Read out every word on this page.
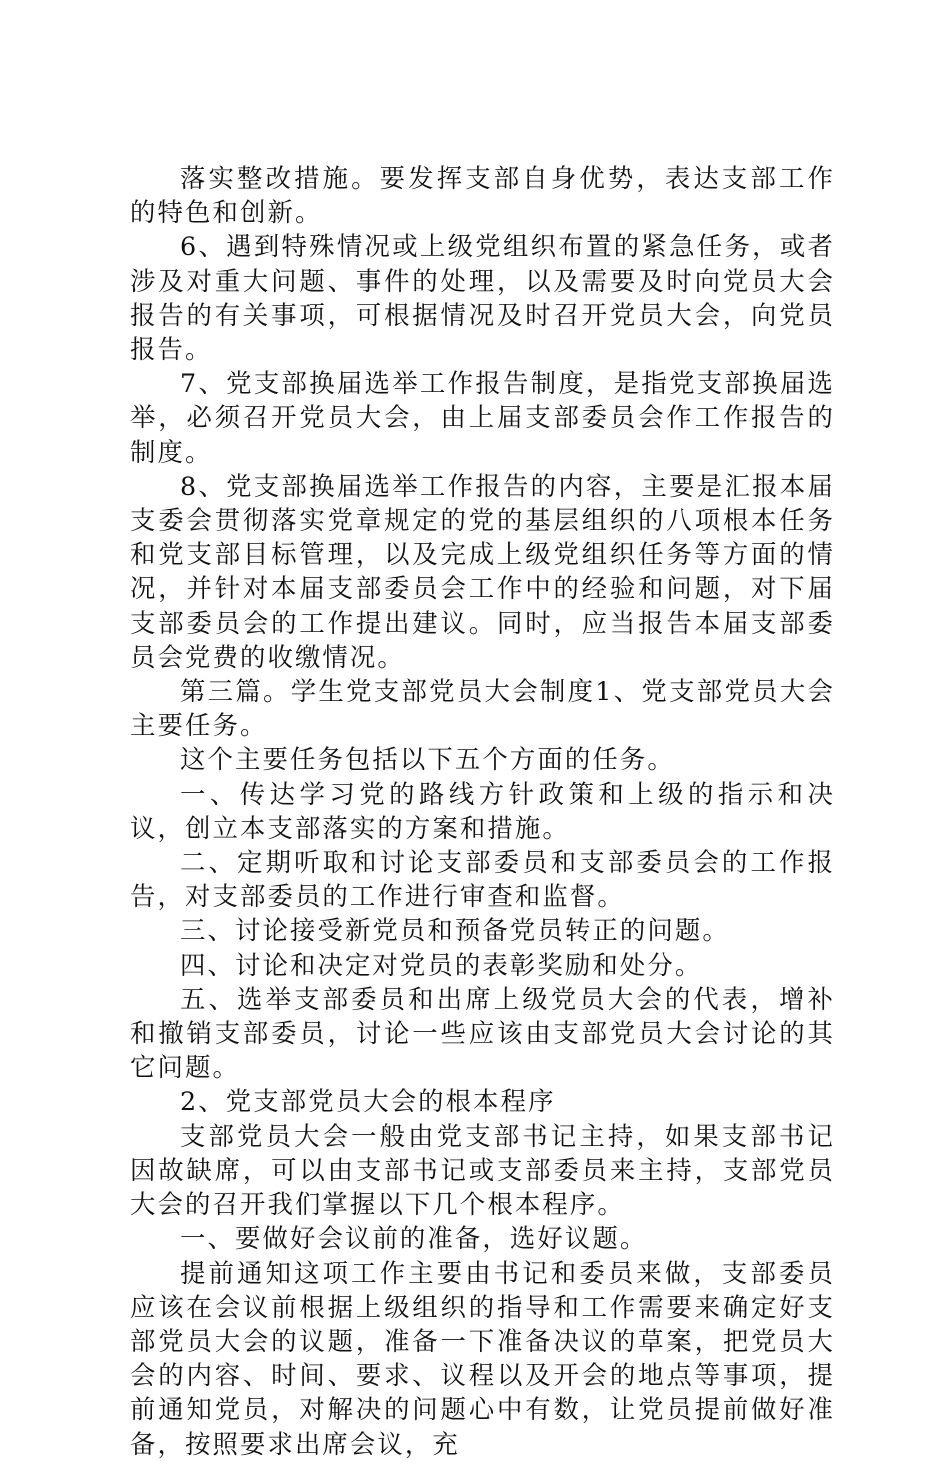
落实整改措施。要发挥支部自身优势，表达支部工作的特色和创新。

6、遇到特殊情况或上级党组织布置的紧急任务，或者涉及对重大问题、事件的处理，以及需要及时向党员大会报告的有关事项，可根据情况及时召开党员大会，向党员报告。

7、党支部换届选举工作报告制度，是指党支部换届选举，必须召开党员大会，由上届支部委员会作工作报告的制度。

8、党支部换届选举工作报告的内容，主要是汇报本届支委会贯彻落实党章规定的党的基层组织的八项根本任务和党支部目标管理，以及完成上级党组织任务等方面的情况，并针对本届支部委员会工作中的经验和问题，对下届支部委员会的工作提出建议。同时，应当报告本届支部委员会党费的收缴情况。

第三篇。学生党支部党员大会制度1、党支部党员大会主要任务。

这个主要任务包括以下五个方面的任务。

一、传达学习党的路线方针政策和上级的指示和决议，创立本支部落实的方案和措施。

二、定期听取和讨论支部委员和支部委员会的工作报告，对支部委员的工作进行审查和监督。

三、讨论接受新党员和预备党员转正的问题。

四、讨论和决定对党员的表彰奖励和处分。

五、选举支部委员和出席上级党员大会的代表，增补和撤销支部委员，讨论一些应该由支部党员大会讨论的其它问题。

2、党支部党员大会的根本程序

支部党员大会一般由党支部书记主持，如果支部书记因故缺席，可以由支部书记或支部委员来主持，支部党员大会的召开我们掌握以下几个根本程序。

一、要做好会议前的准备，选好议题。

提前通知这项工作主要由书记和委员来做，支部委员应该在会议前根据上级组织的指导和工作需要来确定好支部党员大会的议题，准备一下准备决议的草案，把党员大会的内容、时间、要求、议程以及开会的地点等事项，提前通知党员，对解决的问题心中有数，让党员提前做好准备，按照要求出席会议，充
